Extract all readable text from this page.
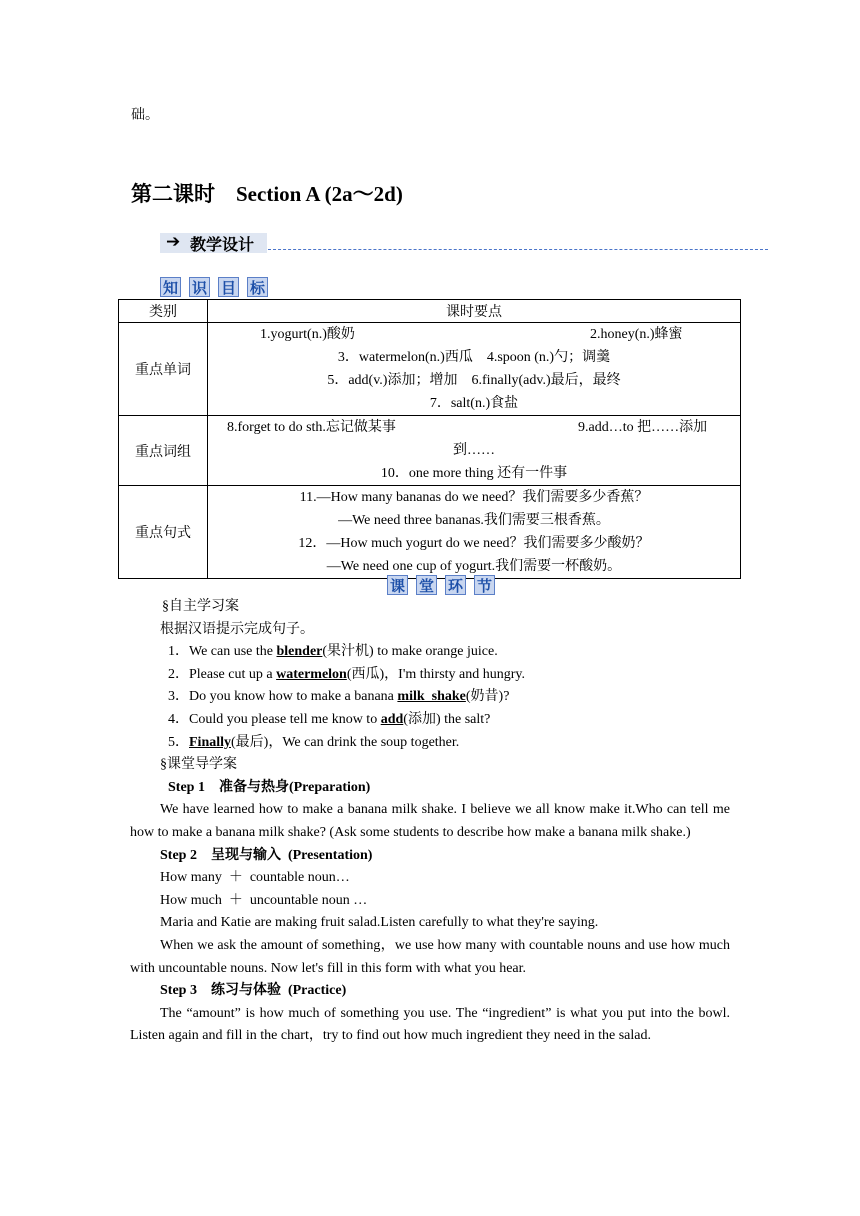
础。
第二课时　Section A (2a～2d)
➔ 教学设计
知 识 目 标
类别	课时要点
重点单词	1.yogurt(n.)酸奶 2.honey(n.)蜂蜜
3．watermelon(n.)西瓜　4.spoon (n.)勺；调羹
5．add(v.)添加；增加　6.finally(adv.)最后，最终
7．salt(n.)食盐

重点词组	8.forget to do sth.忘记做某事 9.add…to 把……添加
到……
10．one more thing 还有一件事

重点句式	11.—How many bananas do we need？我们需要多少香蕉？
—We need three bananas.我们需要三根香蕉。
12．—How much yogurt do we need？我们需要多少酸奶？
—We need one cup of yogurt.我们需要一杯酸奶。
课 堂 环 节
§自主学习案
根据汉语提示完成句子。
1．We can use the blender(果汁机) to make orange juice.
2．Please cut up a watermelon(西瓜)，I'm thirsty and hungry.
3．Do you know how to make a banana milk  shake(奶昔)?
4．Could you please tell me know to add(添加) the salt?
5．Finally(最后)，We can drink the soup together.
§课堂导学案
Step 1　准备与热身(Preparation)
We have learned how to make a banana milk shake. I believe we all know make it.Who can tell me how to make a banana milk shake? (Ask some students to describe how make a banana milk shake.)
Step 2　呈现与输入  (Presentation)
How many  ＋  countable noun…
How much  ＋  uncountable noun …
Maria and Katie are making fruit salad.Listen carefully to what they're saying.
When we ask the amount of something，we use how many with countable nouns and use how much with uncountable nouns. Now let's fill in this form with what you hear.
Step 3　练习与体验  (Practice)
The “amount” is how much of something you use. The “ingredient” is what you put into the bowl. Listen again and fill in the chart，try to find out how much ingredient they need in the salad.
